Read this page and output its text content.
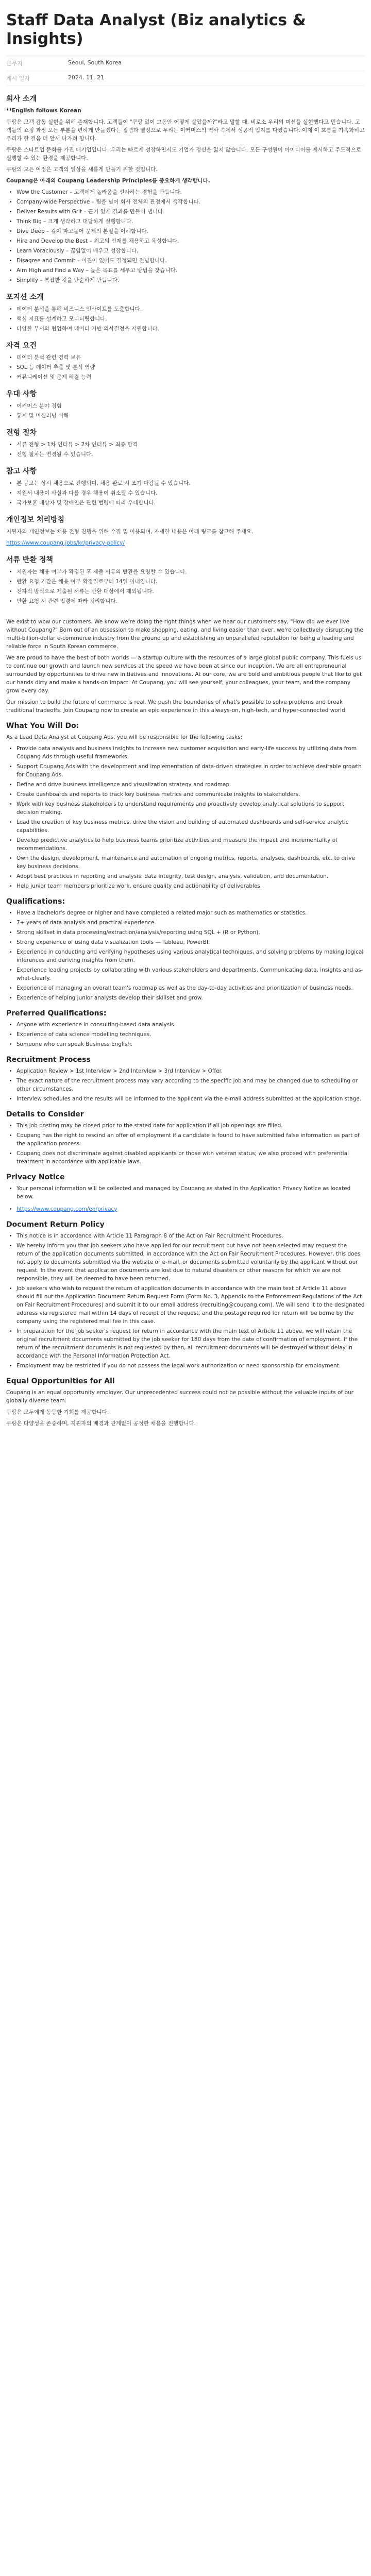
Staff Data Analyst (Biz analytics & Insights)
근무지	Seoul, South Korea
게시 일자	2024. 11. 21
회사 소개

**English follows Korean

쿠팡은 고객 감동 실현을 위해 존재합니다. 고객들이 "쿠팡 없이 그동안 어떻게 살았을까?"라고 말할 때, 비로소 우리의 미션을 실현했다고 믿습니다. 고객들의 쇼핑 과정 모든 부분을 편하게 만들겠다는 집념과 열정으로 우리는 이커머스의 역사 속에서 성공적 입지를 다졌습니다. 이제 이 흐름을 가속화하고 우리가 한 걸음 더 앞서 나가려 합니다.

쿠팡은 스타트업 문화를 가진 대기업입니다. 우리는 빠르게 성장하면서도 기업가 정신을 잃지 않습니다. 모든 구성원이 아이디어를 제시하고 주도적으로 실행할 수 있는 환경을 제공합니다.

쿠팡의 모든 여정은 고객의 일상을 새롭게 만들기 위한 것입니다.

Coupang은 아래의 Coupang Leadership Principles를 중요하게 생각합니다.

• Wow the Customer – 고객에게 놀라움을 선사하는 경험을 만듭니다.
• Company-wide Perspective – 팀을 넘어 회사 전체의 관점에서 생각합니다.
• Deliver Results with Grit – 끈기 있게 결과를 만들어 냅니다.
• Think Big – 크게 생각하고 대담하게 실행합니다.
• Dive Deep – 깊이 파고들어 문제의 본질을 이해합니다.
• Hire and Develop the Best – 최고의 인재를 채용하고 육성합니다.
• Learn Voraciously – 끊임없이 배우고 성장합니다.
• Disagree and Commit – 이견이 있어도 결정되면 전념합니다.
• Aim High and Find a Way – 높은 목표를 세우고 방법을 찾습니다.
• Simplify – 복잡한 것을 단순하게 만듭니다.
포지션 소개
• 데이터 분석을 통해 비즈니스 인사이트를 도출합니다.
• 핵심 지표를 설계하고 모니터링합니다.
• 다양한 부서와 협업하여 데이터 기반 의사결정을 지원합니다.
자격 요건
• 데이터 분석 관련 경력 보유
• SQL 등 데이터 추출 및 분석 역량
• 커뮤니케이션 및 문제 해결 능력
우대 사항
• 이커머스 분야 경험
• 통계 및 머신러닝 이해
전형 절차
• 서류 전형 > 1차 인터뷰 > 2차 인터뷰 > 최종 합격
• 전형 절차는 변경될 수 있습니다.
참고 사항
• 본 공고는 상시 채용으로 진행되며, 채용 완료 시 조기 마감될 수 있습니다.
• 지원서 내용이 사실과 다를 경우 채용이 취소될 수 있습니다.
• 국가보훈 대상자 및 장애인은 관련 법령에 따라 우대합니다.
개인정보 처리방침

지원자의 개인정보는 채용 전형 진행을 위해 수집 및 이용되며, 자세한 내용은 아래 링크를 참고해 주세요.

https://www.coupang.jobs/kr/privacy-policy/

서류 반환 정책
• 지원자는 채용 여부가 확정된 후 제출 서류의 반환을 요청할 수 있습니다.
• 반환 요청 기간은 채용 여부 확정일로부터 14일 이내입니다.
• 전자적 방식으로 제출된 서류는 반환 대상에서 제외됩니다.
• 반환 요청 시 관련 법령에 따라 처리합니다.

We exist to wow our customers. We know we're doing the right things when we hear our customers say, "How did we ever live without Coupang?" Born out of an obsession to make shopping, eating, and living easier than ever, we're collectively disrupting the multi-billion-dollar e-commerce industry from the ground up and establishing an unparalleled reputation for being a leading and reliable force in South Korean commerce.

We are proud to have the best of both worlds — a startup culture with the resources of a large global public company. This fuels us to continue our growth and launch new services at the speed we have been at since our inception. We are all entrepreneurial surrounded by opportunities to drive new initiatives and innovations. At our core, we are bold and ambitious people that like to get our hands dirty and make a hands-on impact. At Coupang, you will see yourself, your colleagues, your team, and the company grow every day.

Our mission to build the future of commerce is real. We push the boundaries of what's possible to solve problems and break traditional tradeoffs. Join Coupang now to create an epic experience in this always-on, high-tech, and hyper-connected world.

What You Will Do:

As a Lead Data Analyst at Coupang Ads, you will be responsible for the following tasks:

• Provide data analysis and business insights to increase new customer acquisition and early-life success by utilizing data from Coupang Ads through useful frameworks.
• Support Coupang Ads with the development and implementation of data-driven strategies in order to achieve desirable growth for Coupang Ads.
• Define and drive business intelligence and visualization strategy and roadmap.
• Create dashboards and reports to track key business metrics and communicate insights to stakeholders.
• Work with key business stakeholders to understand requirements and proactively develop analytical solutions to support decision making.
• Lead the creation of key business metrics, drive the vision and building of automated dashboards and self-service analytic capabilities.
• Develop predictive analytics to help business teams prioritize activities and measure the impact and incrementality of recommendations.
• Own the design, development, maintenance and automation of ongoing metrics, reports, analyses, dashboards, etc. to drive key business decisions.
• Adopt best practices in reporting and analysis: data integrity, test design, analysis, validation, and documentation.
• Help junior team members prioritize work, ensure quality and actionability of deliverables.
Qualifications:
• Have a bachelor's degree or higher and have completed a related major such as mathematics or statistics.
• 7+ years of data analysis and practical experience.
• Strong skillset in data processing/extraction/analysis/reporting using SQL + (R or Python).
• Strong experience of using data visualization tools — Tableau, PowerBI.
• Experience in conducting and verifying hypotheses using various analytical techniques, and solving problems by making logical inferences and deriving insights from them.
• Experience leading projects by collaborating with various stakeholders and departments. Communicating data, insights and as-what-clearly.
• Experience of managing an overall team's roadmap as well as the day-to-day activities and prioritization of business needs.
• Experience of helping junior analysts develop their skillset and grow.
Preferred Qualifications:
• Anyone with experience in consulting-based data analysis.
• Experience of data science modelling techniques.
• Someone who can speak Business English.
Recruitment Process
• Application Review > 1st Interview > 2nd Interview > 3rd Interview > Offer.
• The exact nature of the recruitment process may vary according to the specific job and may be changed due to scheduling or other circumstances.
• Interview schedules and the results will be informed to the applicant via the e-mail address submitted at the application stage.
Details to Consider
• This job posting may be closed prior to the stated date for application if all job openings are filled.
• Coupang has the right to rescind an offer of employment if a candidate is found to have submitted false information as part of the application process.
• Coupang does not discriminate against disabled applicants or those with veteran status; we also proceed with preferential treatment in accordance with applicable laws.
Privacy Notice
• Your personal information will be collected and managed by Coupang as stated in the Application Privacy Notice as located below.
• https://www.coupang.com/en/privacy
Document Return Policy
• This notice is in accordance with Article 11 Paragraph 8 of the Act on Fair Recruitment Procedures.
• We hereby inform you that job seekers who have applied for our recruitment but have not been selected may request the return of the application documents submitted, in accordance with the Act on Fair Recruitment Procedures. However, this does not apply to documents submitted via the website or e-mail, or documents submitted voluntarily by the applicant without our request. In the event that application documents are lost due to natural disasters or other reasons for which we are not responsible, they will be deemed to have been returned.
• Job seekers who wish to request the return of application documents in accordance with the main text of Article 11 above should fill out the Application Document Return Request Form (Form No. 3, Appendix to the Enforcement Regulations of the Act on Fair Recruitment Procedures) and submit it to our email address (recruiting@coupang.com). We will send it to the designated address via registered mail within 14 days of receipt of the request, and the postage required for return will be borne by the company using the registered mail fee in this case.
• In preparation for the job seeker's request for return in accordance with the main text of Article 11 above, we will retain the original recruitment documents submitted by the job seeker for 180 days from the date of confirmation of employment. If the return of the recruitment documents is not requested by then, all recruitment documents will be destroyed without delay in accordance with the Personal Information Protection Act.
• Employment may be restricted if you do not possess the legal work authorization or need sponsorship for employment.
Equal Opportunities for All

Coupang is an equal opportunity employer. Our unprecedented success could not be possible without the valuable inputs of our globally diverse team.

쿠팡은 모두에게 동등한 기회를 제공합니다.

쿠팡은 다양성을 존중하며, 지원자의 배경과 관계없이 공정한 채용을 진행합니다.
